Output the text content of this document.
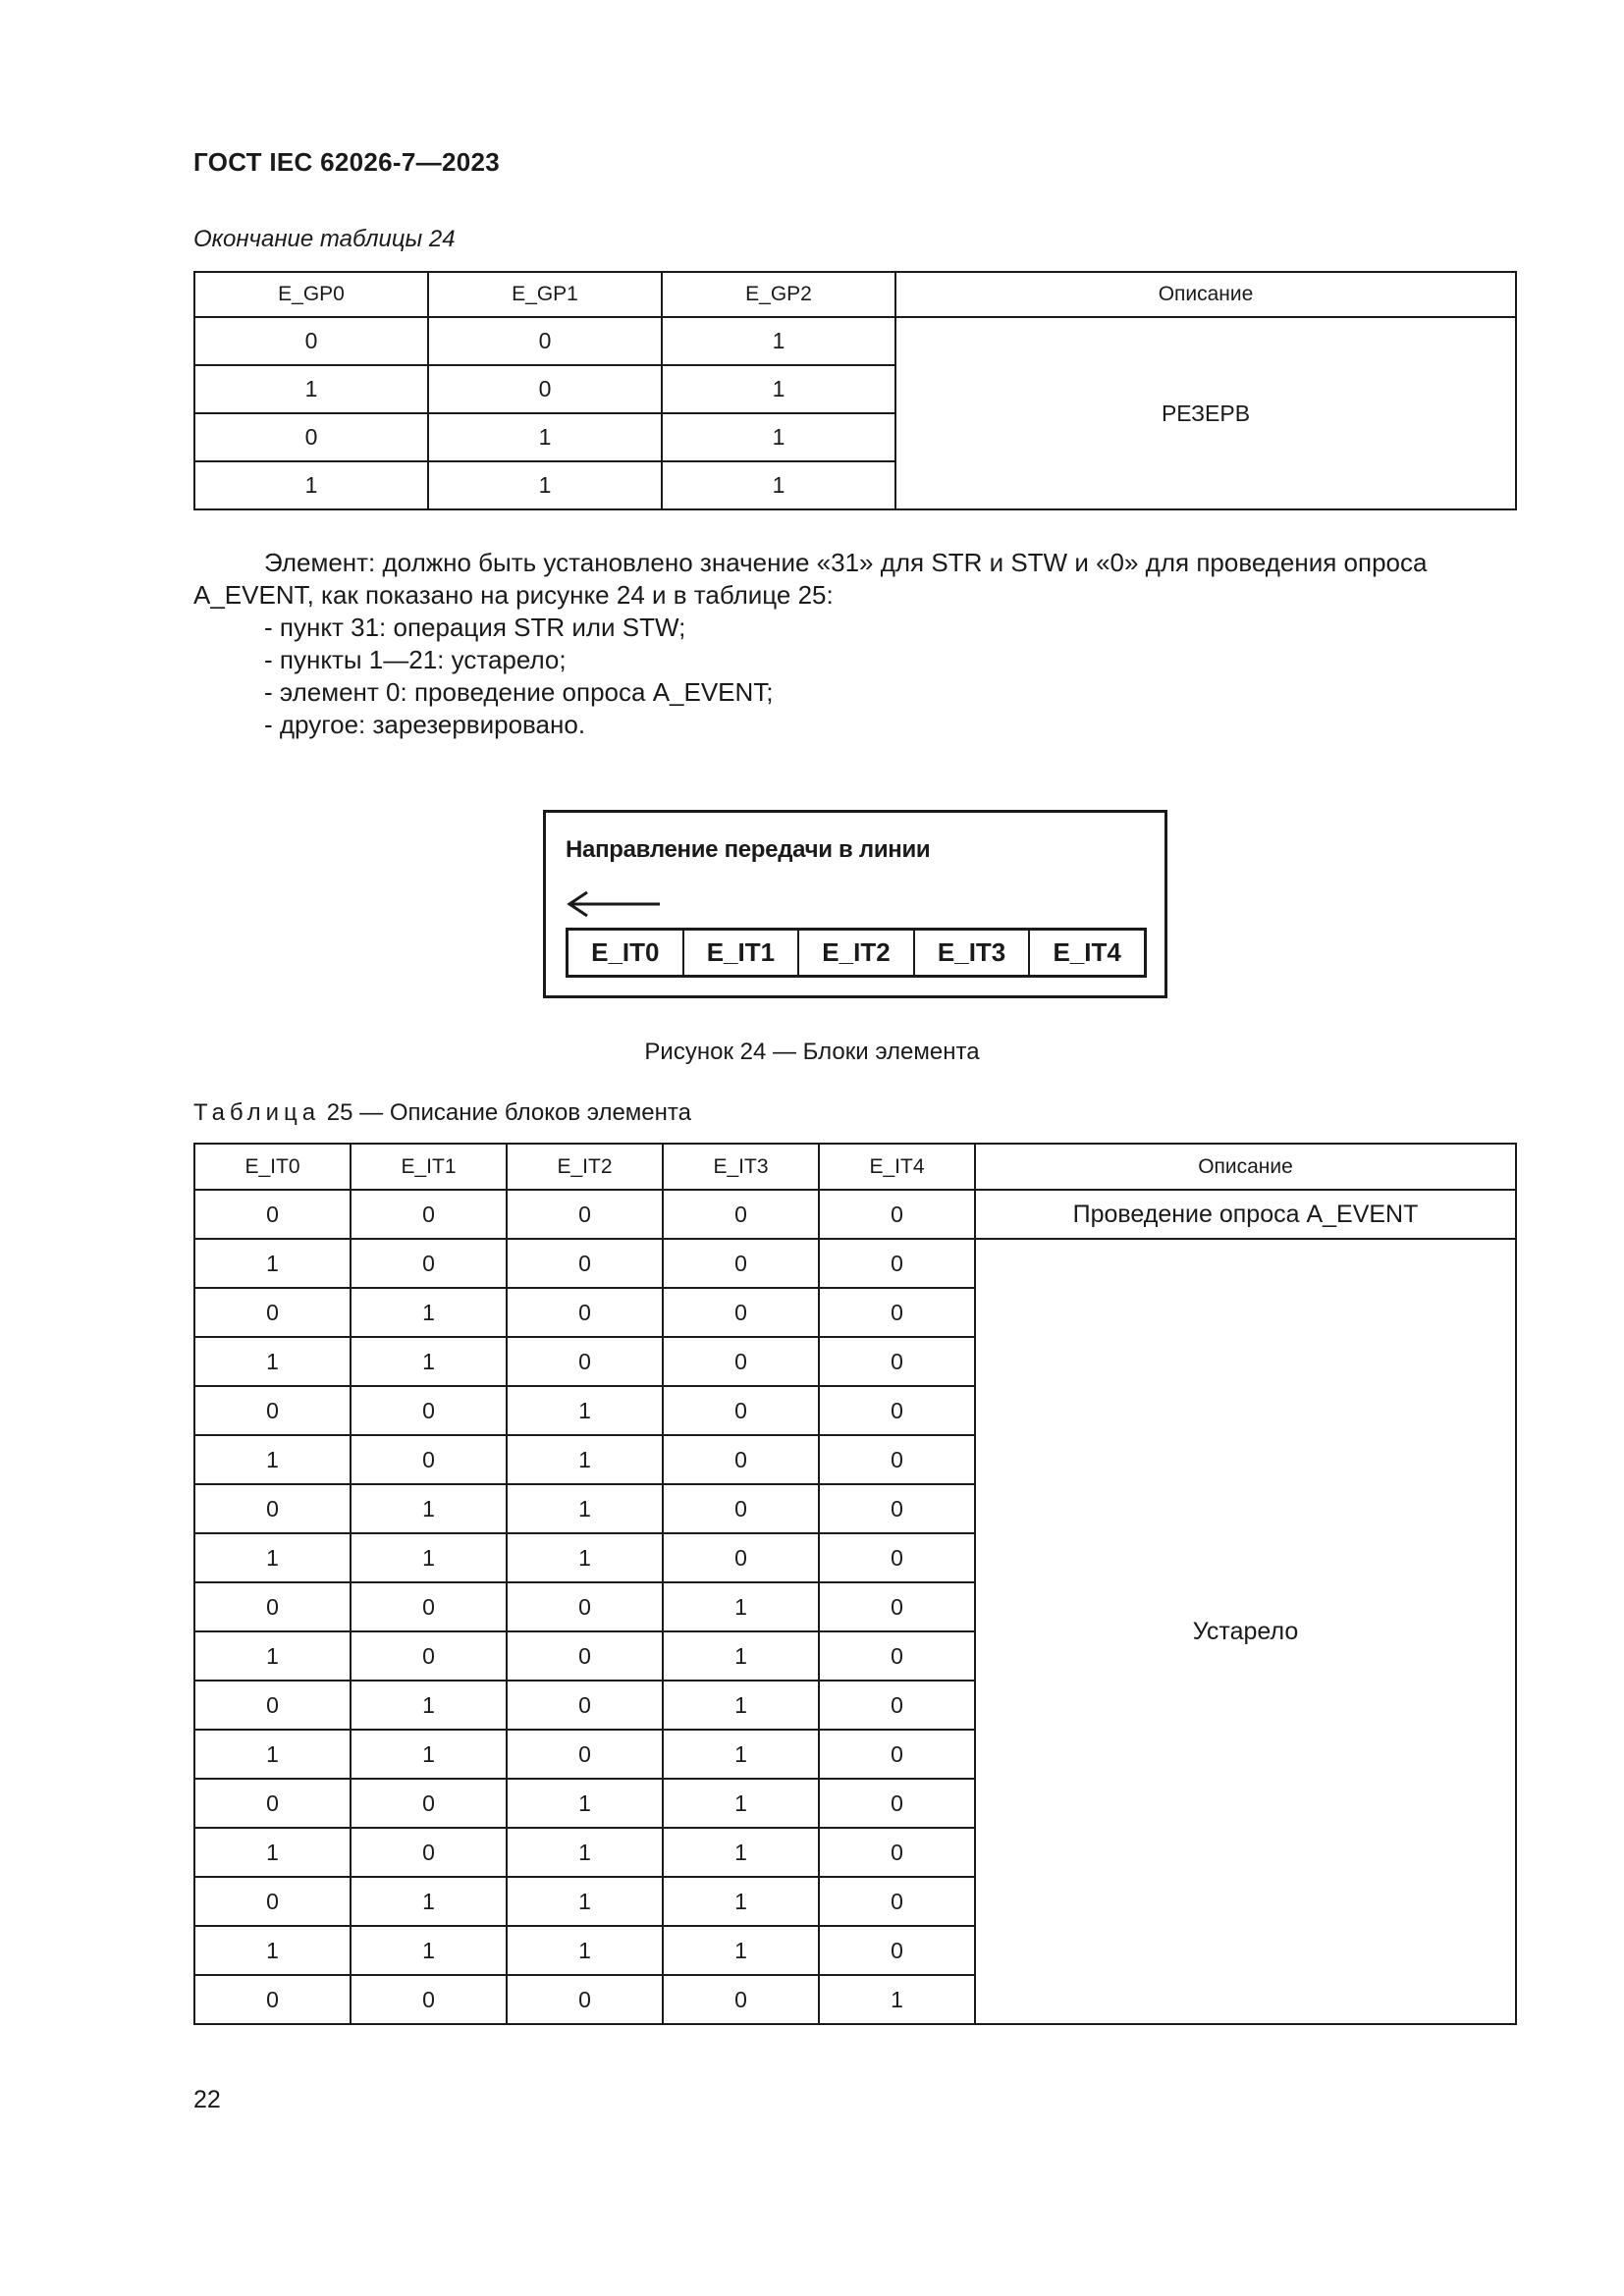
ГОСТ IEC 62026-7—2023
Окончание таблицы 24
E_GP0	E_GP1	E_GP2	Описание
0	0	1	РЕЗЕРВ
1	0	1	
0	1	1	
1	1	1	
Элемент: должно быть установлено значение «31» для STR и STW и «0» для проведения опроса A_EVENT, как показано на рисунке 24 и в таблице 25:
- пункт 31: операция STR или STW;
- пункты 1—21: устарело;
- элемент 0: проведение опроса A_EVENT;
- другое: зарезервировано.
Направление передачи в линии
E_IT0	E_IT1	E_IT2	E_IT3	E_IT4
Рисунок 24 — Блоки элемента
Таблица 25 — Описание блоков элемента
E_IT0	E_IT1	E_IT2	E_IT3	E_IT4	Описание
0	0	0	0	0	Проведение опроса A_EVENT
1	0	0	0	0	Устарело
0	1	0	0	0	
1	1	0	0	0	
0	0	1	0	0	
1	0	1	0	0	
0	1	1	0	0	
1	1	1	0	0	
0	0	0	1	0	
1	0	0	1	0	
0	1	0	1	0	
1	1	0	1	0	
0	0	1	1	0	
1	0	1	1	0	
0	1	1	1	0	
1	1	1	1	0	
0	0	0	0	1	
22
